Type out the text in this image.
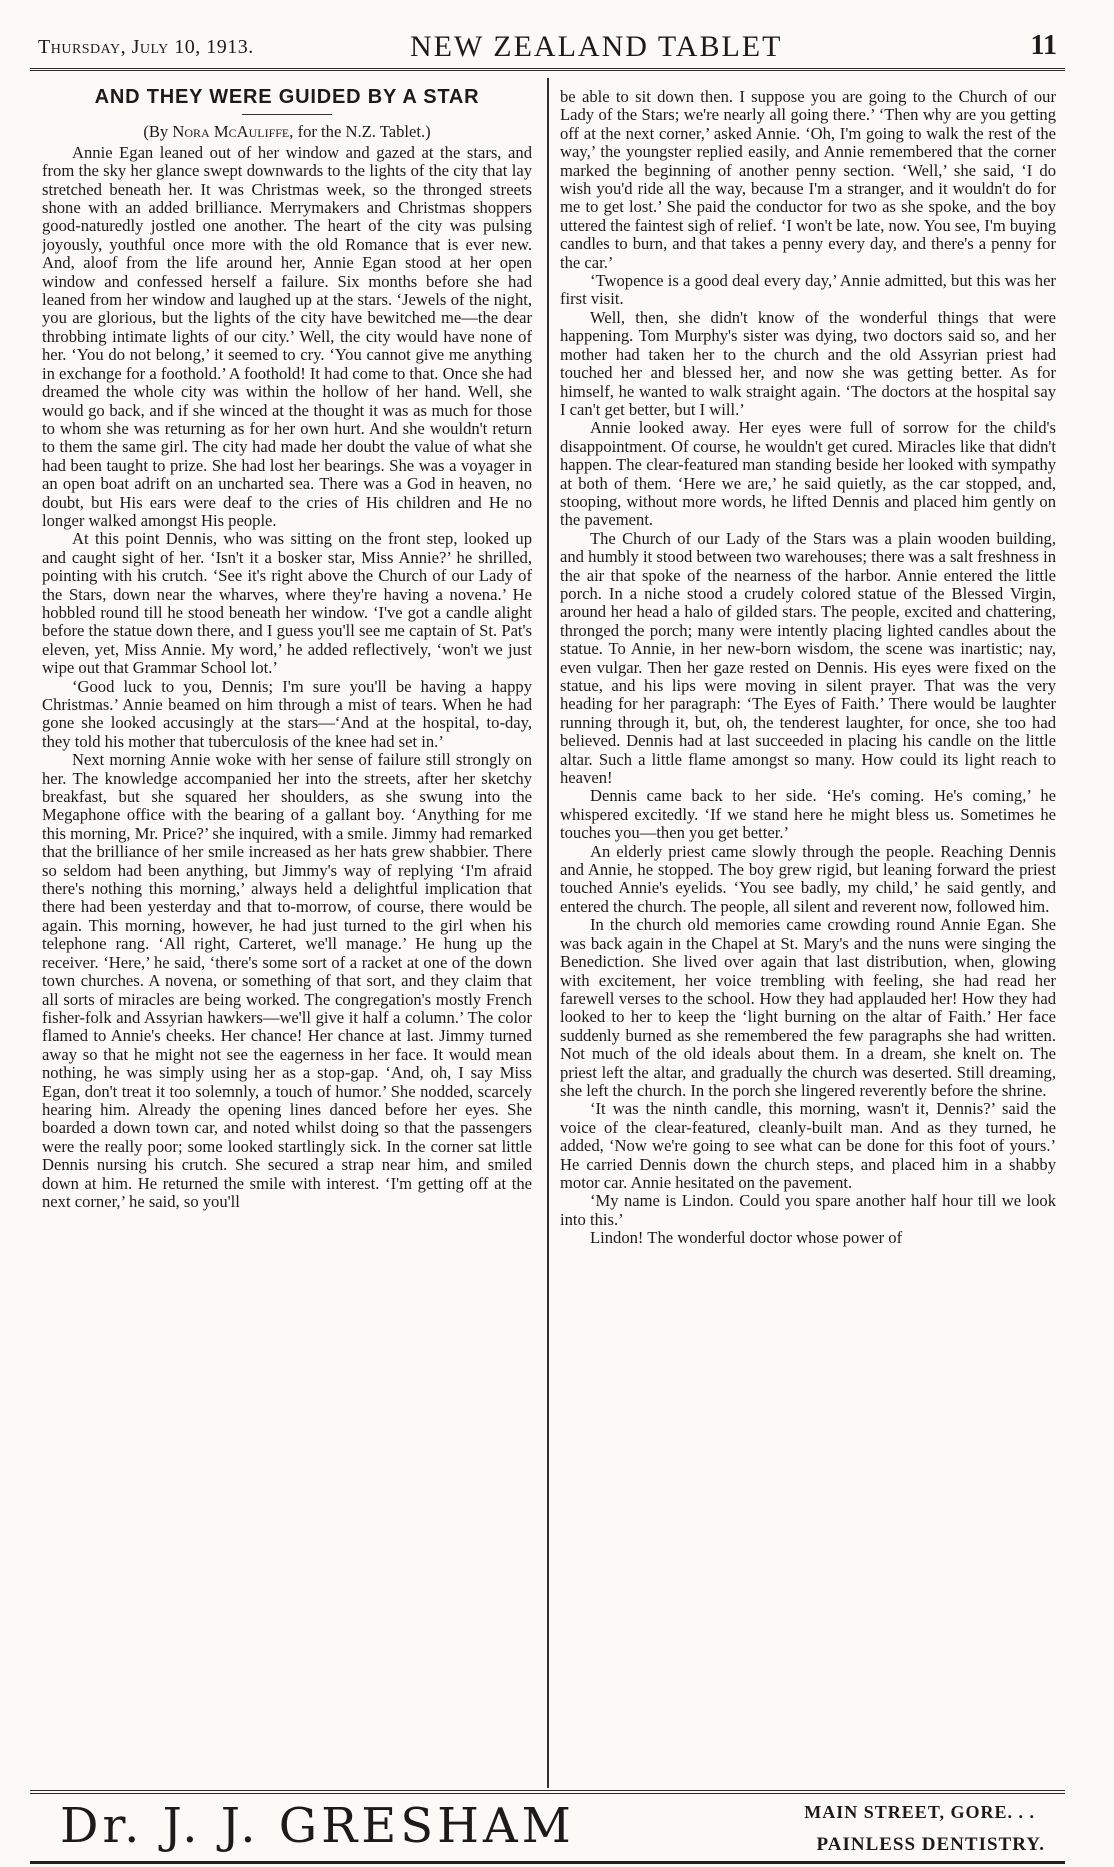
Thursday, July 10, 1913.	NEW ZEALAND TABLET	11
AND THEY WERE GUIDED BY A STAR
(By Nora McAuliffe, for the N.Z. Tablet.)

Annie Egan leaned out of her window and gazed at the stars, and from the sky her glance swept downwards to the lights of the city that lay stretched beneath her. It was Christmas week, so the thronged streets shone with an added brilliance. Merrymakers and Christmas shoppers good-naturedly jostled one another. The heart of the city was pulsing joyously, youthful once more with the old Romance that is ever new. And, aloof from the life around her, Annie Egan stood at her open window and confessed herself a failure. Six months before she had leaned from her window and laughed up at the stars. ‘Jewels of the night, you are glorious, but the lights of the city have bewitched me—the dear throbbing intimate lights of our city.’ Well, the city would have none of her. ‘You do not belong,’ it seemed to cry. ‘You cannot give me anything in exchange for a foothold.’ A foothold! It had come to that. Once she had dreamed the whole city was within the hollow of her hand. Well, she would go back, and if she winced at the thought it was as much for those to whom she was returning as for her own hurt. And she wouldn't return to them the same girl. The city had made her doubt the value of what she had been taught to prize. She had lost her bearings. She was a voyager in an open boat adrift on an uncharted sea. There was a God in heaven, no doubt, but His ears were deaf to the cries of His children and He no longer walked amongst His people.

At this point Dennis, who was sitting on the front step, looked up and caught sight of her. ‘Isn't it a bosker star, Miss Annie?’ he shrilled, pointing with his crutch. ‘See it's right above the Church of our Lady of the Stars, down near the wharves, where they're having a novena.’ He hobbled round till he stood beneath her window. ‘I've got a candle alight before the statue down there, and I guess you'll see me captain of St. Pat's eleven, yet, Miss Annie. My word,’ he added reflectively, ‘won't we just wipe out that Grammar School lot.’

‘Good luck to you, Dennis; I'm sure you'll be having a happy Christmas.’ Annie beamed on him through a mist of tears. When he had gone she looked accusingly at the stars—‘And at the hospital, to-day, they told his mother that tuberculosis of the knee had set in.’

Next morning Annie woke with her sense of failure still strongly on her. The knowledge accompanied her into the streets, after her sketchy breakfast, but she squared her shoulders, as she swung into the Megaphone office with the bearing of a gallant boy. ‘Anything for me this morning, Mr. Price?’ she inquired, with a smile. Jimmy had remarked that the brilliance of her smile increased as her hats grew shabbier. There so seldom had been anything, but Jimmy's way of replying ‘I'm afraid there's nothing this morning,’ always held a delightful implication that there had been yesterday and that to-morrow, of course, there would be again. This morning, however, he had just turned to the girl when his telephone rang. ‘All right, Carteret, we'll manage.’ He hung up the receiver. ‘Here,’ he said, ‘there's some sort of a racket at one of the down town churches. A novena, or something of that sort, and they claim that all sorts of miracles are being worked. The congregation's mostly French fisher-folk and Assyrian hawkers—we'll give it half a column.’ The color flamed to Annie's cheeks. Her chance! Her chance at last. Jimmy turned away so that he might not see the eagerness in her face. It would mean nothing, he was simply using her as a stop-gap. ‘And, oh, I say Miss Egan, don't treat it too solemnly, a touch of humor.’ She nodded, scarcely hearing him. Already the opening lines danced before her eyes. She boarded a down town car, and noted whilst doing so that the passengers were the really poor; some looked startlingly sick. In the corner sat little Dennis nursing his crutch. She secured a strap near him, and smiled down at him. He returned the smile with interest. ‘I'm getting off at the next corner,’ he said, so you'll

be able to sit down then. I suppose you are going to the Church of our Lady of the Stars; we're nearly all going there.’ ‘Then why are you getting off at the next corner,’ asked Annie. ‘Oh, I'm going to walk the rest of the way,’ the youngster replied easily, and Annie remembered that the corner marked the beginning of another penny section. ‘Well,’ she said, ‘I do wish you'd ride all the way, because I'm a stranger, and it wouldn't do for me to get lost.’ She paid the conductor for two as she spoke, and the boy uttered the faintest sigh of relief. ‘I won't be late, now. You see, I'm buying candles to burn, and that takes a penny every day, and there's a penny for the car.’

‘Twopence is a good deal every day,’ Annie admitted, but this was her first visit.

Well, then, she didn't know of the wonderful things that were happening. Tom Murphy's sister was dying, two doctors said so, and her mother had taken her to the church and the old Assyrian priest had touched her and blessed her, and now she was getting better. As for himself, he wanted to walk straight again. ‘The doctors at the hospital say I can't get better, but I will.’

Annie looked away. Her eyes were full of sorrow for the child's disappointment. Of course, he wouldn't get cured. Miracles like that didn't happen. The clear-featured man standing beside her looked with sympathy at both of them. ‘Here we are,’ he said quietly, as the car stopped, and, stooping, without more words, he lifted Dennis and placed him gently on the pavement.

The Church of our Lady of the Stars was a plain wooden building, and humbly it stood between two warehouses; there was a salt freshness in the air that spoke of the nearness of the harbor. Annie entered the little porch. In a niche stood a crudely colored statue of the Blessed Virgin, around her head a halo of gilded stars. The people, excited and chattering, thronged the porch; many were intently placing lighted candles about the statue. To Annie, in her new-born wisdom, the scene was inartistic; nay, even vulgar. Then her gaze rested on Dennis. His eyes were fixed on the statue, and his lips were moving in silent prayer. That was the very heading for her paragraph: ‘The Eyes of Faith.’ There would be laughter running through it, but, oh, the tenderest laughter, for once, she too had believed. Dennis had at last succeeded in placing his candle on the little altar. Such a little flame amongst so many. How could its light reach to heaven!

Dennis came back to her side. ‘He's coming. He's coming,’ he whispered excitedly. ‘If we stand here he might bless us. Sometimes he touches you—then you get better.’

An elderly priest came slowly through the people. Reaching Dennis and Annie, he stopped. The boy grew rigid, but leaning forward the priest touched Annie's eyelids. ‘You see badly, my child,’ he said gently, and entered the church. The people, all silent and reverent now, followed him.

In the church old memories came crowding round Annie Egan. She was back again in the Chapel at St. Mary's and the nuns were singing the Benediction. She lived over again that last distribution, when, glowing with excitement, her voice trembling with feeling, she had read her farewell verses to the school. How they had applauded her! How they had looked to her to keep the ‘light burning on the altar of Faith.’ Her face suddenly burned as she remembered the few paragraphs she had written. Not much of the old ideals about them. In a dream, she knelt on. The priest left the altar, and gradually the church was deserted. Still dreaming, she left the church. In the porch she lingered reverently before the shrine.

‘It was the ninth candle, this morning, wasn't it, Dennis?’ said the voice of the clear-featured, cleanly-built man. And as they turned, he added, ‘Now we're going to see what can be done for this foot of yours.’ He carried Dennis down the church steps, and placed him in a shabby motor car. Annie hesitated on the pavement.

‘My name is Lindon. Could you spare another half hour till we look into this.’

Lindon! The wonderful doctor whose power of

Dr. J. J. GRESHAM	MAIN STREET, GORE. . .
PAINLESS DENTISTRY.
